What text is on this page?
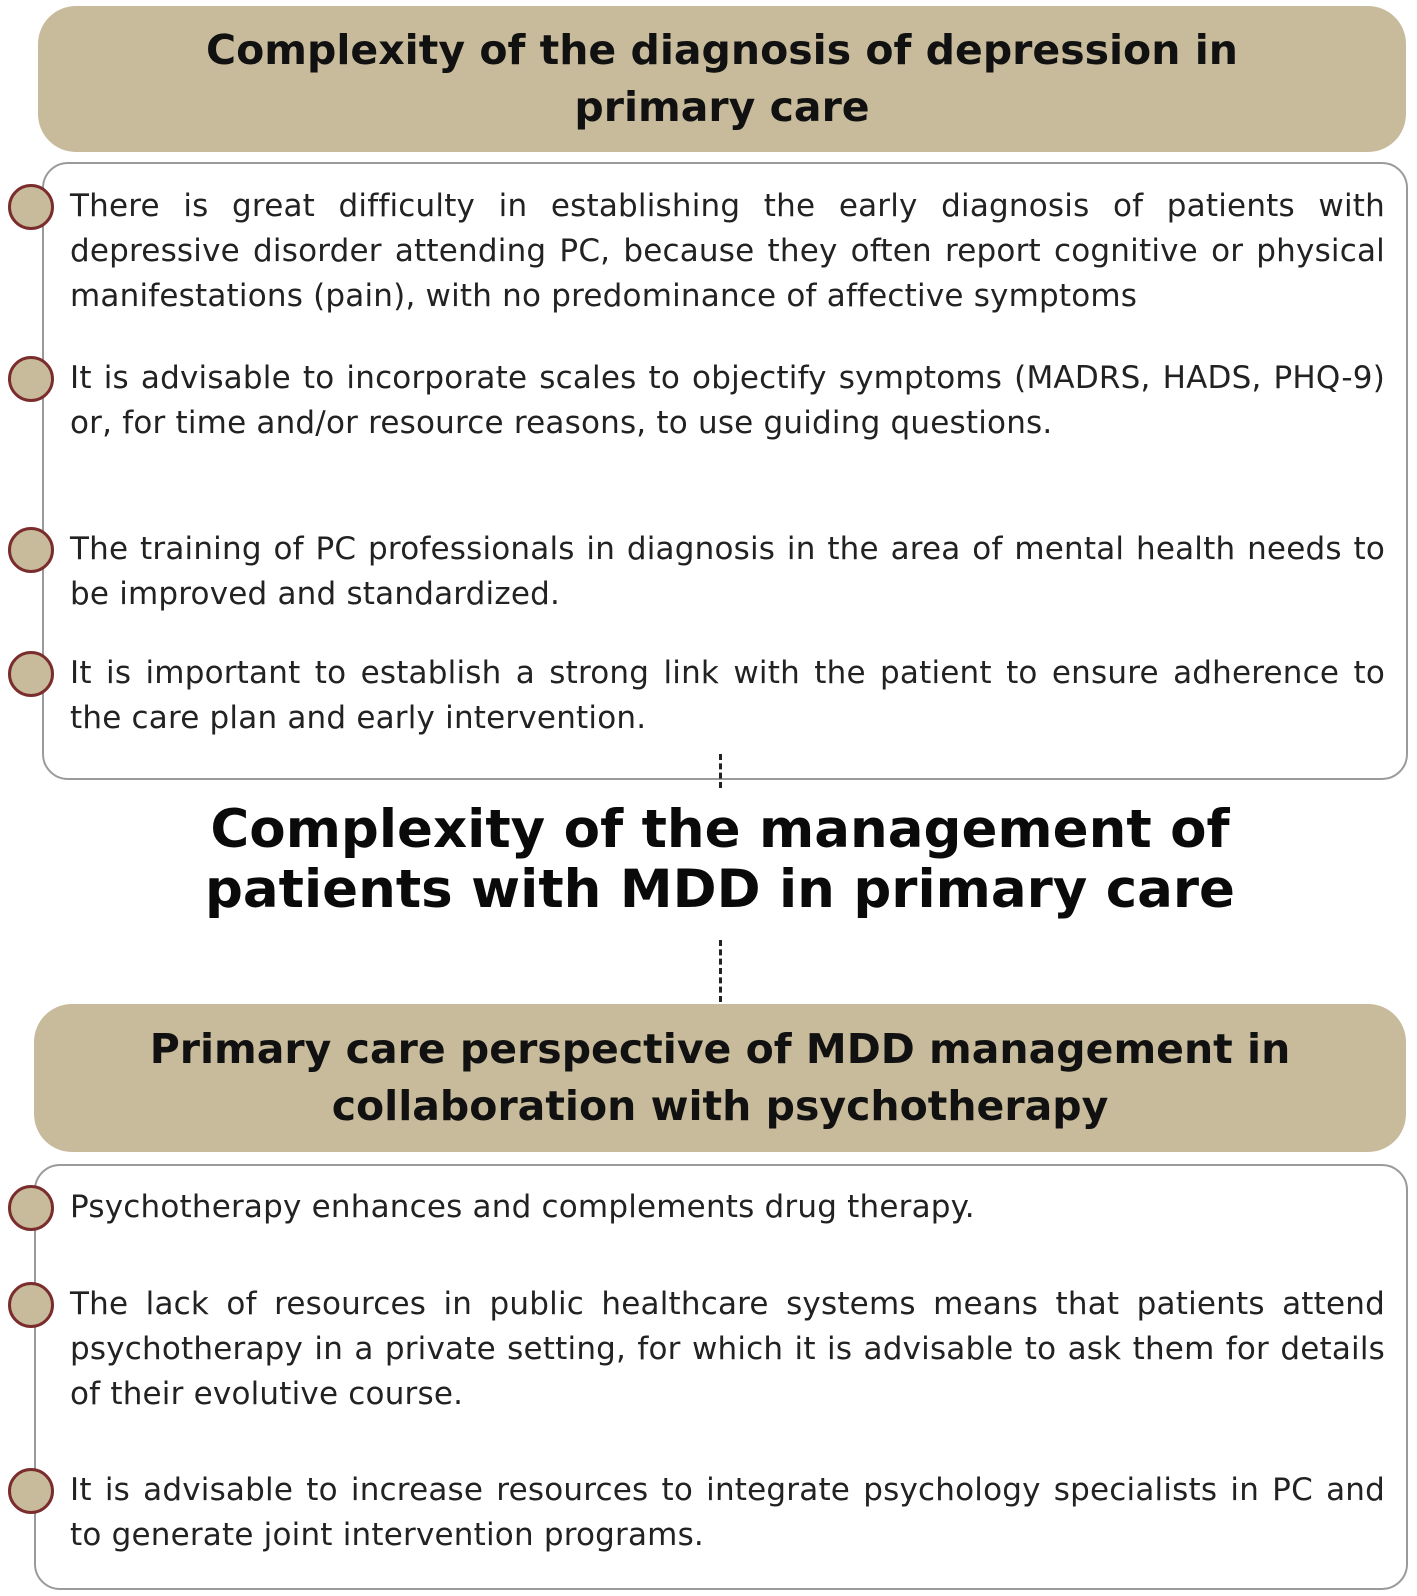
Complexity of the diagnosis of depression in primary care
There is great difficulty in establishing the early diagnosis of patients with depressive disorder attending PC, because they often report cognitive or physical manifestations (pain), with no predominance of affective symptoms
It is advisable to incorporate scales to objectify symptoms (MADRS, HADS, PHQ-9) or, for time and/or resource reasons, to use guiding questions.
The training of PC professionals in diagnosis in the area of mental health needs to be improved and standardized.
It is important to establish a strong link with the patient to ensure adherence to the care plan and early intervention.
Complexity of the management of patients with MDD in primary care
Primary care perspective of MDD management in collaboration with psychotherapy
Psychotherapy enhances and complements drug therapy.
The lack of resources in public healthcare systems means that patients attend psychotherapy in a private setting, for which it is advisable to ask them for details of their evolutive course.
It is advisable to increase resources to integrate psychology specialists in PC and to generate joint intervention programs.
